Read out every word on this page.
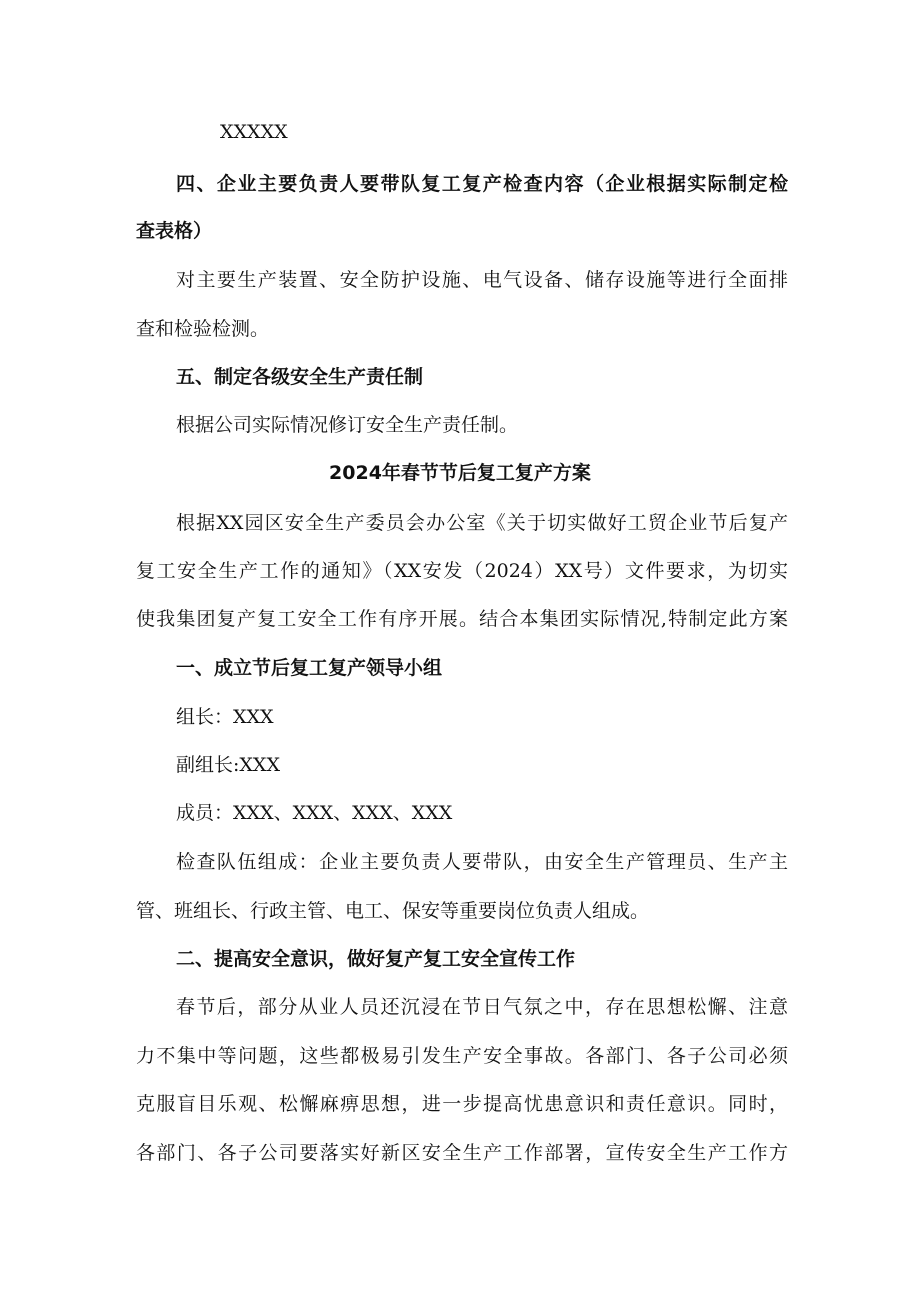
XXXXX
四、企业主要负责人要带队复工复产检查内容（企业根据实际制定检
查表格）
对主要生产装置、安全防护设施、电气设备、储存设施等进行全面排
查和检验检测。
五、制定各级安全生产责任制
根据公司实际情况修订安全生产责任制。
2024年春节节后复工复产方案
根据XX园区安全生产委员会办公室《关于切实做好工贸企业节后复产
复工安全生产工作的通知》（XX安发（2024）XX号）文件要求，为切实
使我集团复产复工安全工作有序开展。结合本集团实际情况,特制定此方案
一、成立节后复工复产领导小组
组长：XXX
副组长:XXX
成员：XXX、XXX、XXX、XXX
检查队伍组成：企业主要负责人要带队，由安全生产管理员、生产主
管、班组长、行政主管、电工、保安等重要岗位负责人组成。
二、提高安全意识，做好复产复工安全宣传工作
春节后，部分从业人员还沉浸在节日气氛之中，存在思想松懈、注意
力不集中等问题，这些都极易引发生产安全事故。各部门、各子公司必须
克服盲目乐观、松懈麻痹思想，进一步提高忧患意识和责任意识。同时，
各部门、各子公司要落实好新区安全生产工作部署，宣传安全生产工作方
